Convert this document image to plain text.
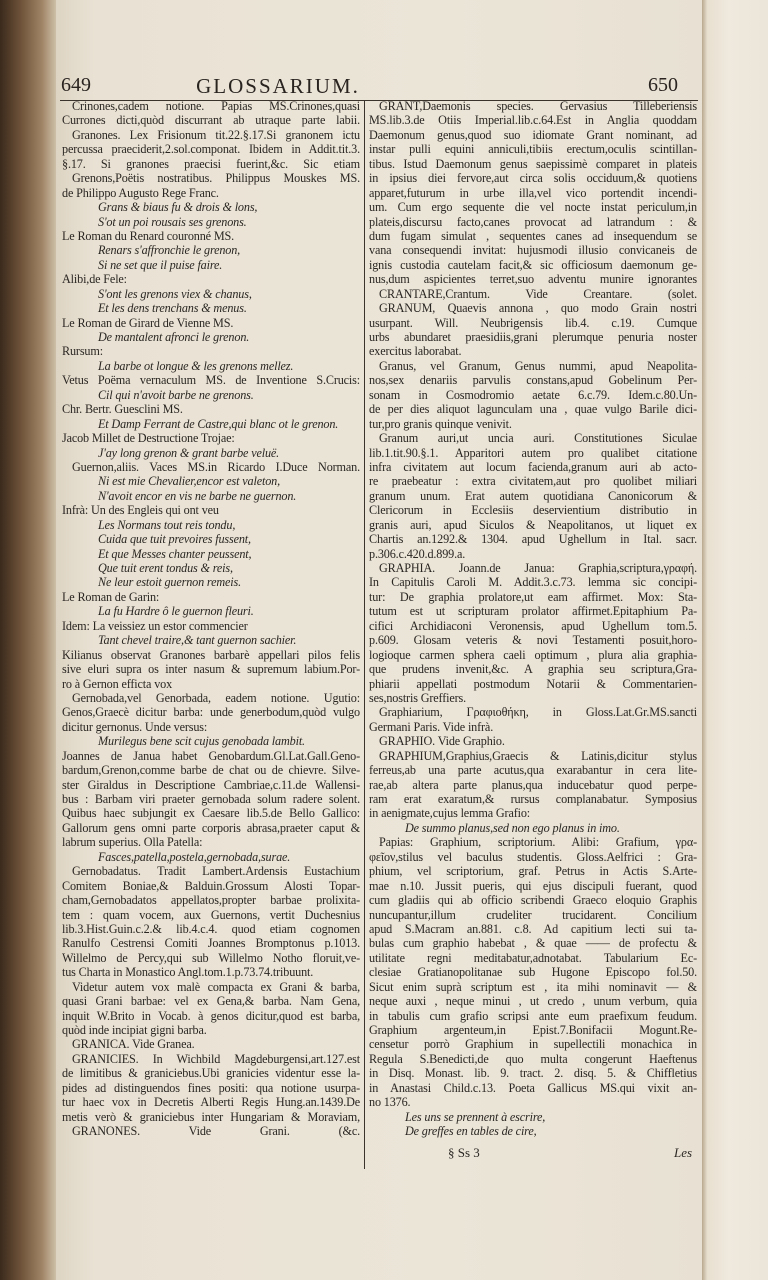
649	GLOSSARIUM.	650
Crinones,cadem notione. Papias MS.Crinones,quasi
Currones dicti,quòd discurrant ab utraque parte labii.
Granones. Lex Frisionum tit.22.§.17.Si granonem ictu
percussa praeciderit,2.sol.componat. Ibidem in Addit.tit.3.
§.17. Si granones praecisi fuerint,&c. Sic etiam
Grenons,Poëtis nostratibus. Philippus Mouskes MS.
de Philippo Augusto Rege Franc.
Grans & biaus fu & drois & lons,
S'ot un poi rousais ses grenons.
Le Roman du Renard couronné MS.
Renars s'affronchie le grenon,
Si ne set que il puise faire.
Alibi,de Fele:
S'ont les grenons viex & chanus,
Et les dens trenchans & menus.
Le Roman de Girard de Vienne MS.
De mantalent afronci le grenon.
Rursum:
La barbe ot longue & les grenons mellez.
Vetus Poëma vernaculum MS. de Inventione S.Crucis:
Cil qui n'avoit barbe ne grenons.
Chr. Bertr. Guesclini MS.
Et Damp Ferrant de Castre,qui blanc ot le grenon.
Jacob Millet de Destructione Trojae:
J'ay long grenon & grant barbe veluë.
Guernon,aliis. Vaces MS.in Ricardo I.Duce Norman.
Ni est mie Chevalier,encor est valeton,
N'avoit encor en vis ne barbe ne guernon.
Infrà: Un des Engleis qui ont veu
Les Normans tout reis tondu,
Cuida que tuit prevoires fussent,
Et que Messes chanter peussent,
Que tuit erent tondus & reis,
Ne leur estoit guernon remeis.
Le Roman de Garin:
La fu Hardre ô le guernon fleuri.
Idem: La veissiez un estor commencier
Tant chevel traire,& tant guernon sachier.
Kilianus observat Granones barbarè appellari pilos felis
sive eluri supra os inter nasum & supremum labium.Por-
ro à Gernon efficta vox
Gernobada,vel Genorbada, eadem notione. Ugutio:
Genos,Graecè dicitur barba: unde generbodum,quòd vulgo
dicitur gernonus. Unde versus:
Murilegus bene scit cujus genobada lambit.
Joannes de Janua habet Genobardum.Gl.Lat.Gall.Geno-
bardum,Grenon,comme barbe de chat ou de chievre. Silve-
ster Giraldus in Descriptione Cambriae,c.11.de Wallensi-
bus : Barbam viri praeter gernobada solum radere solent.
Quibus haec subjungit ex Caesare lib.5.de Bello Gallico:
Gallorum gens omni parte corporis abrasa,praeter caput &
labrum superius. Olla Patella:
Fasces,patella,postela,gernobada,surae.
Gernobadatus. Tradit Lambert.Ardensis Eustachium
Comitem Boniae,& Balduin.Grossum Alosti Topar-
cham,Gernobadatos appellatos,propter barbae prolixita-
tem : quam vocem, aux Guernons, vertit Duchesnius
lib.3.Hist.Guin.c.2.& lib.4.c.4. quod etiam cognomen
Ranulfo Cestrensi Comiti Joannes Bromptonus p.1013.
Willelmo de Percy,qui sub Willelmo Notho floruit,ve-
tus Charta in Monastico Angl.tom.1.p.73.74.tribuunt.
Videtur autem vox malè compacta ex Grani & barba,
quasi Grani barbae: vel ex Gena,& barba. Nam Gena,
inquit W.Brito in Vocab. à genos dicitur,quod est barba,
quòd inde incipiat gigni barba.
GRANICA. Vide Granea.
GRANICIES. In Wichbild Magdeburgensi,art.127.est
de limitibus & graniciebus.Ubi granicies videntur esse la-
pides ad distinguendos fines positi: qua notione usurpa-
tur haec vox in Decretis Alberti Regis Hung.an.1439.De
metis verò & graniciebus inter Hungariam & Moraviam,
GRANONES. Vide Grani. (&c.
GRANT,Daemonis species. Gervasius Tilleberiensis
MS.lib.3.de Otiis Imperial.lib.c.64.Est in Anglia quoddam
Daemonum genus,quod suo idiomate Grant nominant, ad
instar pulli equini anniculi,tibiis erectum,oculis scintillan-
tibus. Istud Daemonum genus saepissimè comparet in plateis
in ipsius diei fervore,aut circa solis occiduum,& quotiens
apparet,futurum in urbe illa,vel vico portendit incendi-
um. Cum ergo sequente die vel nocte instat periculum,in
plateis,discursu facto,canes provocat ad latrandum : &
dum fugam simulat , sequentes canes ad insequendum se
vana consequendi invitat: hujusmodi illusio convicaneis de
ignis custodia cautelam facit,& sic officiosum daemonum ge-
nus,dum aspicientes terret,suo adventu munire ignorantes
CRANTARE,Crantum. Vide Creantare. (solet.
GRANUM, Quaevis annona , quo modo Grain nostri
usurpant. Will. Neubrigensis lib.4. c.19. Cumque
urbs abundaret praesidiis,grani plerumque penuria noster
exercitus laborabat.
Granus, vel Granum, Genus nummi, apud Neapolita-
nos,sex denariis parvulis constans,apud Gobelinum Per-
sonam in Cosmodromio aetate 6.c.79. Idem.c.80.Un-
de per dies aliquot lagunculam una , quae vulgo Barile dici-
tur,pro granis quinque venivit.
Granum auri,ut uncia auri. Constitutiones Siculae
lib.1.tit.90.§.1. Apparitori autem pro qualibet citatione
infra civitatem aut locum facienda,granum auri ab acto-
re praebeatur : extra civitatem,aut pro quolibet miliari
granum unum. Erat autem quotidiana Canonicorum &
Clericorum in Ecclesiis deservientium distributio in
granis auri, apud Siculos & Neapolitanos, ut liquet ex
Chartis an.1292.& 1304. apud Ughellum in Ital. sacr.
p.306.c.420.d.899.a.
GRAPHIA. Joann.de Janua: Graphia,scriptura,γραφή.
In Capitulis Caroli M. Addit.3.c.73. lemma sic concipi-
tur: De graphia prolatore,ut eam affirmet. Mox: Sta-
tutum est ut scripturam prolator affirmet.Epitaphium Pa-
cifici Archidiaconi Veronensis, apud Ughellum tom.5.
p.609. Glosam veteris & novi Testamenti posuit,horo-
logioque carmen sphera caeli optimum , plura alia graphia-
que prudens invenit,&c. A graphia seu scriptura,Gra-
phiarii appellati postmodum Notarii & Commentarien-
ses,nostris Greffiers.
Graphiarium, Γραφιοθήκη, in Gloss.Lat.Gr.MS.sancti
Germani Paris. Vide infrà.
GRAPHIO. Vide Graphio.
GRAPHIUM,Graphius,Graecis & Latinis,dicitur stylus
ferreus,ab una parte acutus,qua exarabantur in cera lite-
rae,ab altera parte planus,qua inducebatur quod perpe-
ram erat exaratum,& rursus complanabatur. Symposius
in aenigmate,cujus lemma Grafio:
De summo planus,sed non ego planus in imo.
Papias: Graphium, scriptorium. Alibi: Grafium, γρα-
φεῖον,stilus vel baculus studentis. Gloss.Aelfrici : Gra-
phium, vel scriptorium, graf. Petrus in Actis S.Arte-
mae n.10. Jussit pueris, qui ejus discipuli fuerant, quod
cum gladiis qui ab officio scribendi Graeco eloquio Graphis
nuncupantur,illum crudeliter trucidarent. Concilium
apud S.Macram an.881. c.8. Ad capitium lecti sui ta-
bulas cum graphio habebat , & quae —— de profectu &
utilitate regni meditabatur,adnotabat. Tabularium Ec-
clesiae Gratianopolitanae sub Hugone Episcopo fol.50.
Sicut enim suprà scriptum est , ita mihi nominavit — &
neque auxi , neque minui , ut credo , unum verbum, quia
in tabulis cum grafio scripsi ante eum praefixum feudum.
Graphium argenteum,in Epist.7.Bonifacii Mogunt.Re-
censetur porrò Graphium in supellectili monachica in
Regula S.Benedicti,de quo multa congerunt Haeftenus
in Disq. Monast. lib. 9. tract. 2. disq. 5. & Chiffletius
in Anastasi Child.c.13. Poeta Gallicus MS.qui vixit an-
no 1376.
Les uns se prennent à escrire,
De greffes en tables de cire,
§ Ss 3	Les
